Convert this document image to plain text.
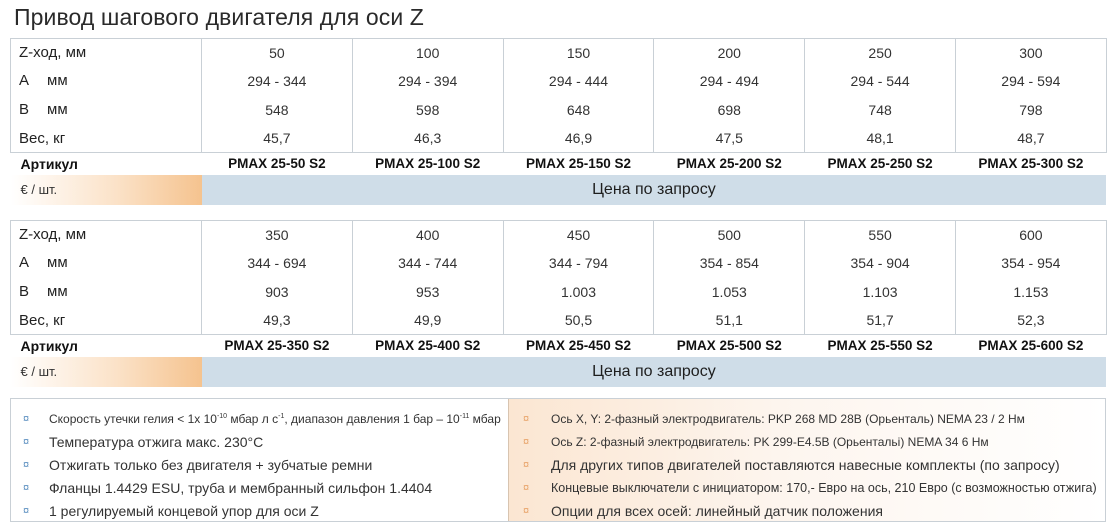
Привод шагового двигателя для оси Z
Z-ход, мм	50	100	150	200	250	300
A мм	294 - 344	294 - 394	294 - 444	294 - 494	294 - 544	294 - 594
B мм	548	598	648	698	748	798
Вес, кг	45,7	46,3	46,9	47,5	48,1	48,7
Артикул	PMAX 25-50 S2	PMAX 25-100 S2	PMAX 25-150 S2	PMAX 25-200 S2	PMAX 25-250 S2	PMAX 25-300 S2
€ / шт.	Цена по запросу					
Z-ход, мм	350	400	450	500	550	600
A мм	344 - 694	344 - 744	344 - 794	354 - 854	354 - 904	354 - 954
B мм	903	953	1.003	1.053	1.103	1.153
Вес, кг	49,3	49,9	50,5	51,1	51,7	52,3
Артикул	PMAX 25-350 S2	PMAX 25-400 S2	PMAX 25-450 S2	PMAX 25-500 S2	PMAX 25-550 S2	PMAX 25-600 S2
€ / шт.	Цена по запросу					
¤	Скорость утечки гелия < 1x $10^{-10}$ мбар л $с^{-1}$, диапазон давления 1 бар – $10^{-11}$ мбар
¤ Температура отжига макс. 230°C
¤ Отжигать только без двигателя + зубчатые ремни
¤ Фланцы 1.4429 ESU, труба и мембранный сильфон 1.4404
¤ 1 регулируемый концевой упор для оси Z
¤	Ось X, Y: 2-фазный электродвигатель: PKP 268 MD 28B (Орьенталь) NEMA 23 / 2 Нм
¤	Ось Z: 2-фазный электродвигатель: PK 299-E4.5B (Орьентальі) NEMA 34 6 Нм
¤ Для других типов двигателей поставляются навесные комплекты (по запросу)
¤	Концевые выключатели с инициатором: 170,- Евро на ось, 210 Евро (с возможностью отжига)
¤ Опции для всех осей: линейный датчик положения
